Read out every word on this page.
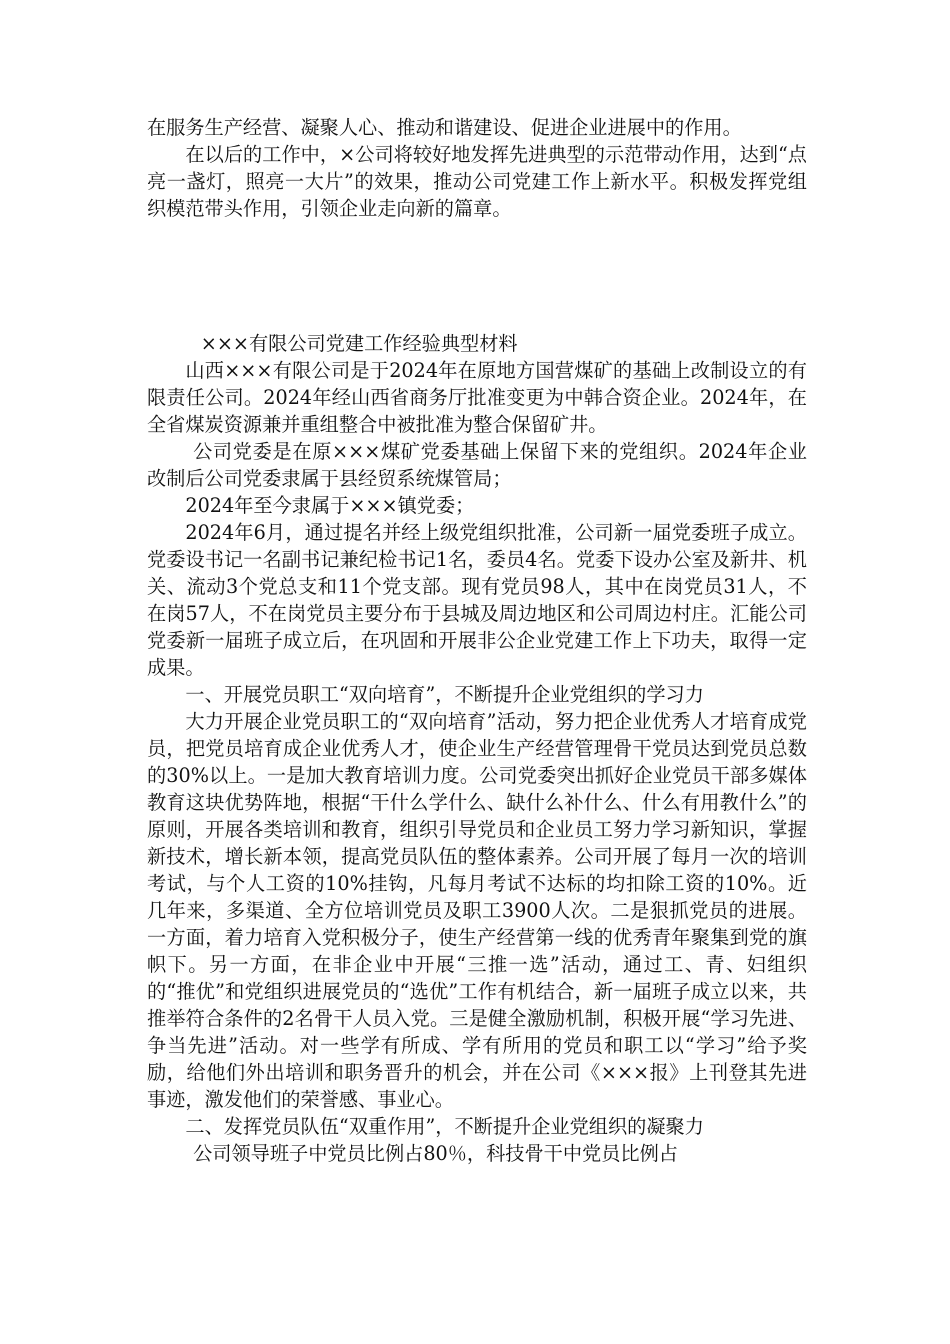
在服务生产经营、凝聚人心、推动和谐建设、促进企业进展中的作用。

在以后的工作中，×公司将较好地发挥先进典型的示范带动作用，达到“点亮一盏灯，照亮一大片”的效果，推动公司党建工作上新水平。积极发挥党组织模范带头作用，引领企业走向新的篇章。

×××有限公司党建工作经验典型材料

山西×××有限公司是于2024年在原地方国营煤矿的基础上改制设立的有限责任公司。2024年经山西省商务厅批准变更为中韩合资企业。2024年，在全省煤炭资源兼并重组整合中被批准为整合保留矿井。

公司党委是在原×××煤矿党委基础上保留下来的党组织。2024年企业改制后公司党委隶属于县经贸系统煤管局；

2024年至今隶属于×××镇党委；

2024年6月，通过提名并经上级党组织批准，公司新一届党委班子成立。党委设书记一名副书记兼纪检书记1名，委员4名。党委下设办公室及新井、机关、流动3个党总支和11个党支部。现有党员98人，其中在岗党员31人，不在岗57人，不在岗党员主要分布于县城及周边地区和公司周边村庄。汇能公司党委新一届班子成立后，在巩固和开展非公企业党建工作上下功夫，取得一定成果。

一、开展党员职工“双向培育”，不断提升企业党组织的学习力

大力开展企业党员职工的“双向培育”活动，努力把企业优秀人才培育成党员，把党员培育成企业优秀人才，使企业生产经营管理骨干党员达到党员总数的30%以上。一是加大教育培训力度。公司党委突出抓好企业党员干部多媒体教育这块优势阵地，根据“干什么学什么、缺什么补什么、什么有用教什么”的原则，开展各类培训和教育，组织引导党员和企业员工努力学习新知识，掌握新技术，增长新本领，提高党员队伍的整体素养。公司开展了每月一次的培训考试，与个人工资的10%挂钩，凡每月考试不达标的均扣除工资的10%。近几年来，多渠道、全方位培训党员及职工3900人次。二是狠抓党员的进展。一方面，着力培育入党积极分子，使生产经营第一线的优秀青年聚集到党的旗帜下。另一方面，在非企业中开展“三推一选”活动，通过工、青、妇组织的“推优”和党组织进展党员的“选优”工作有机结合，新一届班子成立以来，共推举符合条件的2名骨干人员入党。三是健全激励机制，积极开展“学习先进、争当先进”活动。对一些学有所成、学有所用的党员和职工以“学习”给予奖励，给他们外出培训和职务晋升的机会，并在公司《×××报》上刊登其先进事迹，激发他们的荣誉感、事业心。

二、发挥党员队伍“双重作用”，不断提升企业党组织的凝聚力

公司领导班子中党员比例占80％，科技骨干中党员比例占
